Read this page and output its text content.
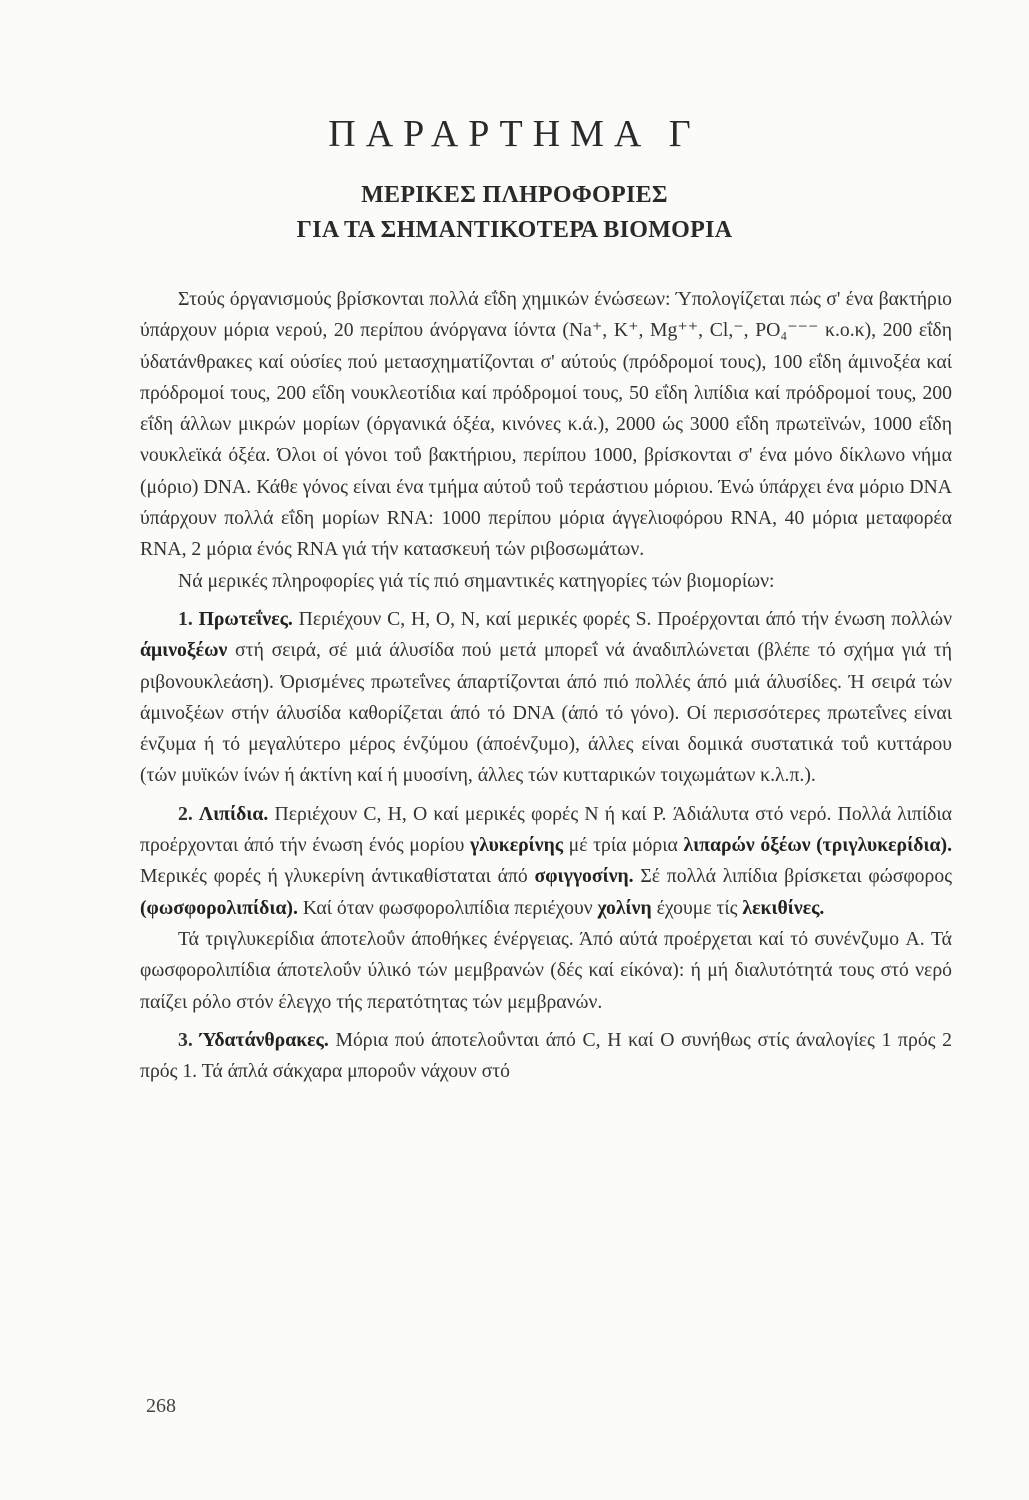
ΠΑΡΑΡΤΗΜΑ Γ
ΜΕΡΙΚΕΣ ΠΛΗΡΟΦΟΡΙΕΣ
ΓΙΑ ΤΑ ΣΗΜΑΝΤΙΚΟΤΕΡΑ ΒΙΟΜΟΡΙΑ

Στούς όργανισμούς βρίσκονται πολλά εΐδη χημικών ένώσεων: Ύπολογίζεται πώς σ' ένα βακτήριο ύπάρχουν μόρια νερού, 20 περίπου άνόργανα ίόντα (Na⁺, K⁺, Mg⁺⁺, Cl,⁻, PO₄⁻⁻⁻ κ.ο.κ), 200 εΐδη ύδατάνθρακες καί ούσίες πού μετασχηματίζονται σ' αύτούς (πρόδρομοί τους), 100 εΐδη άμινοξέα καί πρόδρομοί τους, 200 εΐδη νουκλεοτίδια καί πρόδρομοί τους, 50 εΐδη λιπίδια καί πρόδρομοί τους, 200 εΐδη άλλων μικρών μορίων (όργανικά όξέα, κινόνες κ.ά.), 2000 ώς 3000 εΐδη πρωτεϊνών, 1000 εΐδη νουκλεϊκά όξέα. Όλοι οί γόνοι τοΰ βακτήριου, περίπου 1000, βρίσκονται σ' ένα μόνο δίκλωνο νήμα (μόριο) DNA. Κάθε γόνος είναι ένα τμήμα αύτοΰ τοΰ τεράστιου μόριου. Ένώ ύπάρχει ένα μόριο DNA ύπάρχουν πολλά εΐδη μορίων RNA: 1000 περίπου μόρια άγγελιοφόρου RNA, 40 μόρια μεταφορέα RNA, 2 μόρια ένός RNA γιά τήν κατασκευή τών ριβοσωμάτων.

Νά μερικές πληροφορίες γιά τίς πιό σημαντικές κατηγορίες τών βιομορίων:

1. Πρωτεΐνες. Περιέχουν C, H, O, N, καί μερικές φορές S. Προέρχονται άπό τήν ένωση πολλών άμινοξέων στή σειρά, σέ μιά άλυσίδα πού μετά μπορεΐ νά άναδιπλώνεται (βλέπε τό σχήμα γιά τή ριβονουκλεάση). Όρισμένες πρωτεΐνες άπαρτίζονται άπό πιό πολλές άπό μιά άλυσίδες. Ή σειρά τών άμινοξέων στήν άλυσίδα καθορίζεται άπό τό DNA (άπό τό γόνο). Οί περισσότερες πρωτεΐνες είναι ένζυμα ή τό μεγαλύτερο μέρος ένζύμου (άποένζυμο), άλλες είναι δομικά συστατικά τοΰ κυττάρου (τών μυϊκών ίνών ή άκτίνη καί ή μυοσίνη, άλλες τών κυτταρικών τοιχωμάτων κ.λ.π.).

2. Λιπίδια. Περιέχουν C, H, O καί μερικές φορές N ή καί P. Άδιάλυτα στό νερό. Πολλά λιπίδια προέρχονται άπό τήν ένωση ένός μορίου γλυκερίνης μέ τρία μόρια λιπαρών όξέων (τριγλυκερίδια). Μερικές φορές ή γλυκερίνη άντικαθίσταται άπό σφιγγοσίνη. Σέ πολλά λιπίδια βρίσκεται φώσφορος (φωσφορολιπίδια). Καί όταν φωσφορολιπίδια περιέχουν χολίνη έχουμε τίς λεκιθίνες.

Τά τριγλυκερίδια άποτελοΰν άποθήκες ένέργειας. Άπό αύτά προέρχεται καί τό συνένζυμο A. Τά φωσφορολιπίδια άποτελοΰν ύλικό τών μεμβρανών (δές καί είκόνα): ή μή διαλυτότητά τους στό νερό παίζει ρόλο στόν έλεγχο τής περατότητας τών μεμβρανών.

3. Ύδατάνθρακες. Μόρια πού άποτελοΰνται άπό C, H καί O συνήθως στίς άναλογίες 1 πρός 2 πρός 1. Τά άπλά σάκχαρα μποροΰν νάχουν στό

268
